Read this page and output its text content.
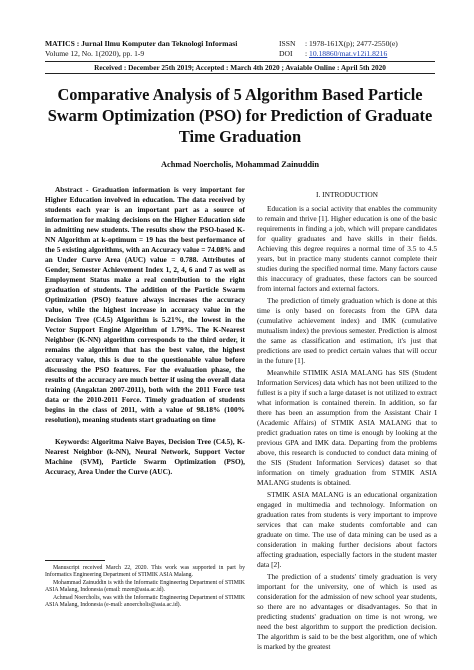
MATICS : Jurnal Ilmu Komputer dan Teknologi Informasi	ISSN : 1978-161X(p); 2477-2550(e)
Volume 12, No. 1(2020), pp. 1-9	DOI : 10.18860/mat.v12i1.8216
Received : December 25th 2019; Accepted : March 4th 2020 ; Avaiable Online : April 5th 2020
Comparative Analysis of 5 Algorithm Based Particle Swarm Optimization (PSO) for Prediction of Graduate Time Graduation
Achmad Noercholis, Mohammad Zainuddin
Abstract - Graduation information is very important for Higher Education involved in education. The data received by students each year is an important part as a source of information for making decisions on the Higher Education side in admitting new students. The results show the PSO-based K-NN Algorithm at k-optimum = 19 has the best performance of the 5 existing algorithms, with an Accuracy value = 74.08% and an Under Curve Area (AUC) value = 0.788. Attributes of Gender, Semester Achievement Index 1, 2, 4, 6 and 7 as well as Employment Status make a real contribution to the right graduation of students. The addition of the Particle Swarm Optimization (PSO) feature always increases the accuracy value, while the highest increase in accuracy value in the Decision Tree (C4.5) Algorithm is 5.21%, the lowest in the Vector Support Engine Algorithm of 1.79%. The K-Nearest Neighbor (K-NN) algorithm corresponds to the third order, it remains the algorithm that has the best value, the highest accuracy value, this is due to the questionable value before discussing the PSO features. For the evaluation phase, the results of the accuracy are much better if using the overall data training (Angaktan 2007-2011), both with the 2011 Force test data or the 2010-2011 Force. Timely graduation of students begins in the class of 2011, with a value of 98.18% (100% resolution), meaning students start graduating on time
Keywords: Algoritma Naive Bayes, Decision Tree (C4.5), K-Nearest Neighbor (k-NN), Neural Network, Support Vector Machine (SVM), Particle Swarm Optimization (PSO), Accuracy, Area Under the Curve (AUC).

Manuscript received March 22, 2020. This work was supported in part by Informatics Engineering Department of STIMIK ASIA Malang.

Mohammad Zainuddin is with the Informatic Engineering Department of STIMIK ASIA Malang, Indonesia (email: mzen@asia.ac.id).

Achmad Noercholis, was with the Informatic Engineering Department of STIMIK ASIA Malang, Indonesia (e-mail: anoercholis@asia.ac.id).

I. INTRODUCTION

Education is a social activity that enables the community to remain and thrive [1]. Higher education is one of the basic requirements in finding a job, which will prepare candidates for quality graduates and have skills in their fields. Achieving this degree requires a normal time of 3.5 to 4.5 years, but in practice many students cannot complete their studies during the specified normal time. Many factors cause this inaccuracy of graduates, these factors can be sourced from internal factors and external factors.

The prediction of timely graduation which is done at this time is only based on forecasts from the GPA data (cumulative achievement index) and IMK (cumulative mutualism index) the previous semester. Prediction is almost the same as classification and estimation, it's just that predictions are used to predict certain values that will occur in the future [1].

Meanwhile STIMIK ASIA MALANG has SIS (Student Information Services) data which has not been utilized to the fullest is a pity if such a large dataset is not utilized to extract what information is contained therein. In addition, so far there has been an assumption from the Assistant Chair I (Academic Affairs) of STMIK ASIA MALANG that to predict graduation rates on time is enough by looking at the previous GPA and IMK data. Departing from the problems above, this research is conducted to conduct data mining of the SIS (Student Information Services) dataset so that information on timely graduation from STMIK ASIA MALANG students is obtained.

STMIK ASIA MALANG is an educational organization engaged in multimedia and technology. Information on graduation rates from students is very important to improve services that can make students comfortable and can graduate on time. The use of data mining can be used as a consideration in making further decisions about factors affecting graduation, especially factors in the student master data [2].

The prediction of a students' timely graduation is very important for the university, one of which is used as consideration for the admission of new school year students, so there are no advantages or disadvantages. So that in predicting students' graduation on time is not wrong, we need the best algorithm to support the prediction decision. The algorithm is said to be the best algorithm, one of which is marked by the greatest
